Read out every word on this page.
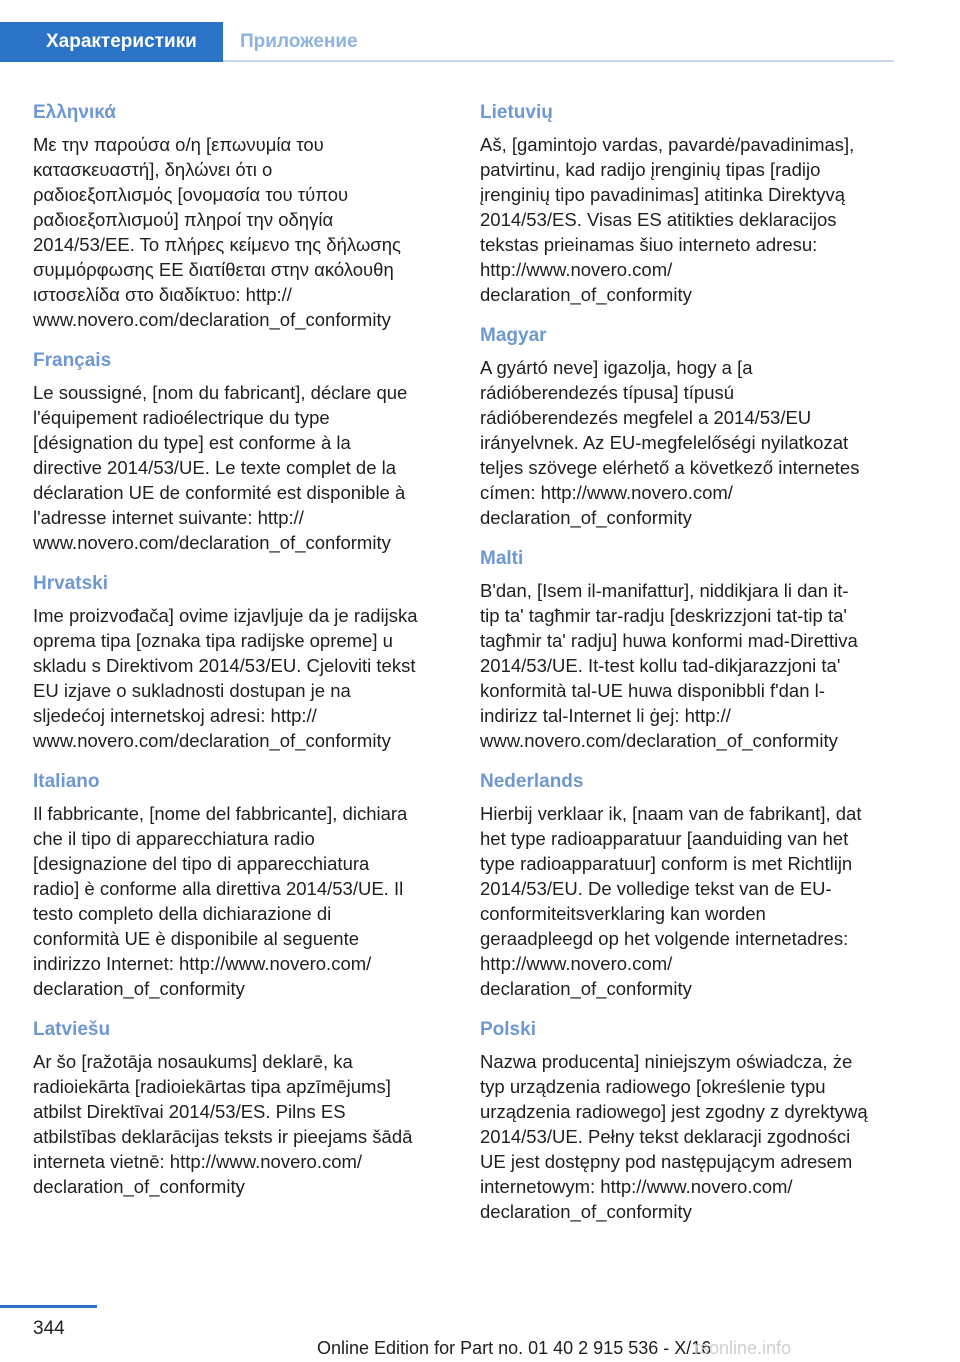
Характеристики	Приложение
Ελληνικά
Με την παρούσα ο/η [επωνυμία του
κατασκευαστή], δηλώνει ότι ο
ραδιοεξοπλισμός [ονομασία του τύπου
ραδιοεξοπλισμού] πληροί την οδηγία
2014/53/ΕΕ. Το πλήρες κείμενο της δήλωσης
συμμόρφωσης ΕΕ διατίθεται στην ακόλουθη
ιστοσελίδα στο διαδίκτυο: http://
www.novero.com/declaration_of_conformity
Français
Le soussigné, [nom du fabricant], déclare que
l'équipement radioélectrique du type
[désignation du type] est conforme à la
directive 2014/53/UE. Le texte complet de la
déclaration UE de conformité est disponible à
l'adresse internet suivante: http://
www.novero.com/declaration_of_conformity
Hrvatski
Ime proizvođača] ovime izjavljuje da je radijska
oprema tipa [oznaka tipa radijske opreme] u
skladu s Direktivom 2014/53/EU. Cjeloviti tekst
EU izjave o sukladnosti dostupan je na
sljedećoj internetskoj adresi: http://
www.novero.com/declaration_of_conformity
Italiano
Il fabbricante, [nome del fabbricante], dichiara
che il tipo di apparecchiatura radio
[designazione del tipo di apparecchiatura
radio] è conforme alla direttiva 2014/53/UE. Il
testo completo della dichiarazione di
conformità UE è disponibile al seguente
indirizzo Internet: http://www.novero.com/
declaration_of_conformity
Latviešu
Ar šo [ražotāja nosaukums] deklarē, ka
radioiekārta [radioiekārtas tipa apzīmējums]
atbilst Direktīvai 2014/53/ES. Pilns ES
atbilstības deklarācijas teksts ir pieejams šādā
interneta vietnē: http://www.novero.com/
declaration_of_conformity
Lietuvių
Aš, [gamintojo vardas, pavardė/pavadinimas],
patvirtinu, kad radijo įrenginių tipas [radijo
įrenginių tipo pavadinimas] atitinka Direktyvą
2014/53/ES. Visas ES atitikties deklaracijos
tekstas prieinamas šiuo interneto adresu:
http://www.novero.com/
declaration_of_conformity
Magyar
A gyártó neve] igazolja, hogy a [a
rádióberendezés típusa] típusú
rádióberendezés megfelel a 2014/53/EU
irányelvnek. Az EU-megfelelőségi nyilatkozat
teljes szövege elérhető a következő internetes
címen: http://www.novero.com/
declaration_of_conformity
Malti
B'dan, [Isem il-manifattur], niddikjara li dan it-
tip ta' tagħmir tar-radju [deskrizzjoni tat-tip ta'
tagħmir ta' radju] huwa konformi mad-Direttiva
2014/53/UE. It-test kollu tad-dikjarazzjoni ta'
konformità tal-UE huwa disponibbli f'dan l-
indirizz tal-Internet li ġej: http://
www.novero.com/declaration_of_conformity
Nederlands
Hierbij verklaar ik, [naam van de fabrikant], dat
het type radioapparatuur [aanduiding van het
type radioapparatuur] conform is met Richtlijn
2014/53/EU. De volledige tekst van de EU-
conformiteitsverklaring kan worden
geraadpleegd op het volgende internetadres:
http://www.novero.com/
declaration_of_conformity
Polski
Nazwa producenta] niniejszym oświadcza, że
typ urządzenia radiowego [określenie typu
urządzenia radiowego] jest zgodny z dyrektywą
2014/53/UE. Pełny tekst deklaracji zgodności
UE jest dostępny pod następującym adresem
internetowym: http://www.novero.com/
declaration_of_conformity
344
Online Edition for Part no. 01 40 2 915 536 - X/16
rsonline.info
